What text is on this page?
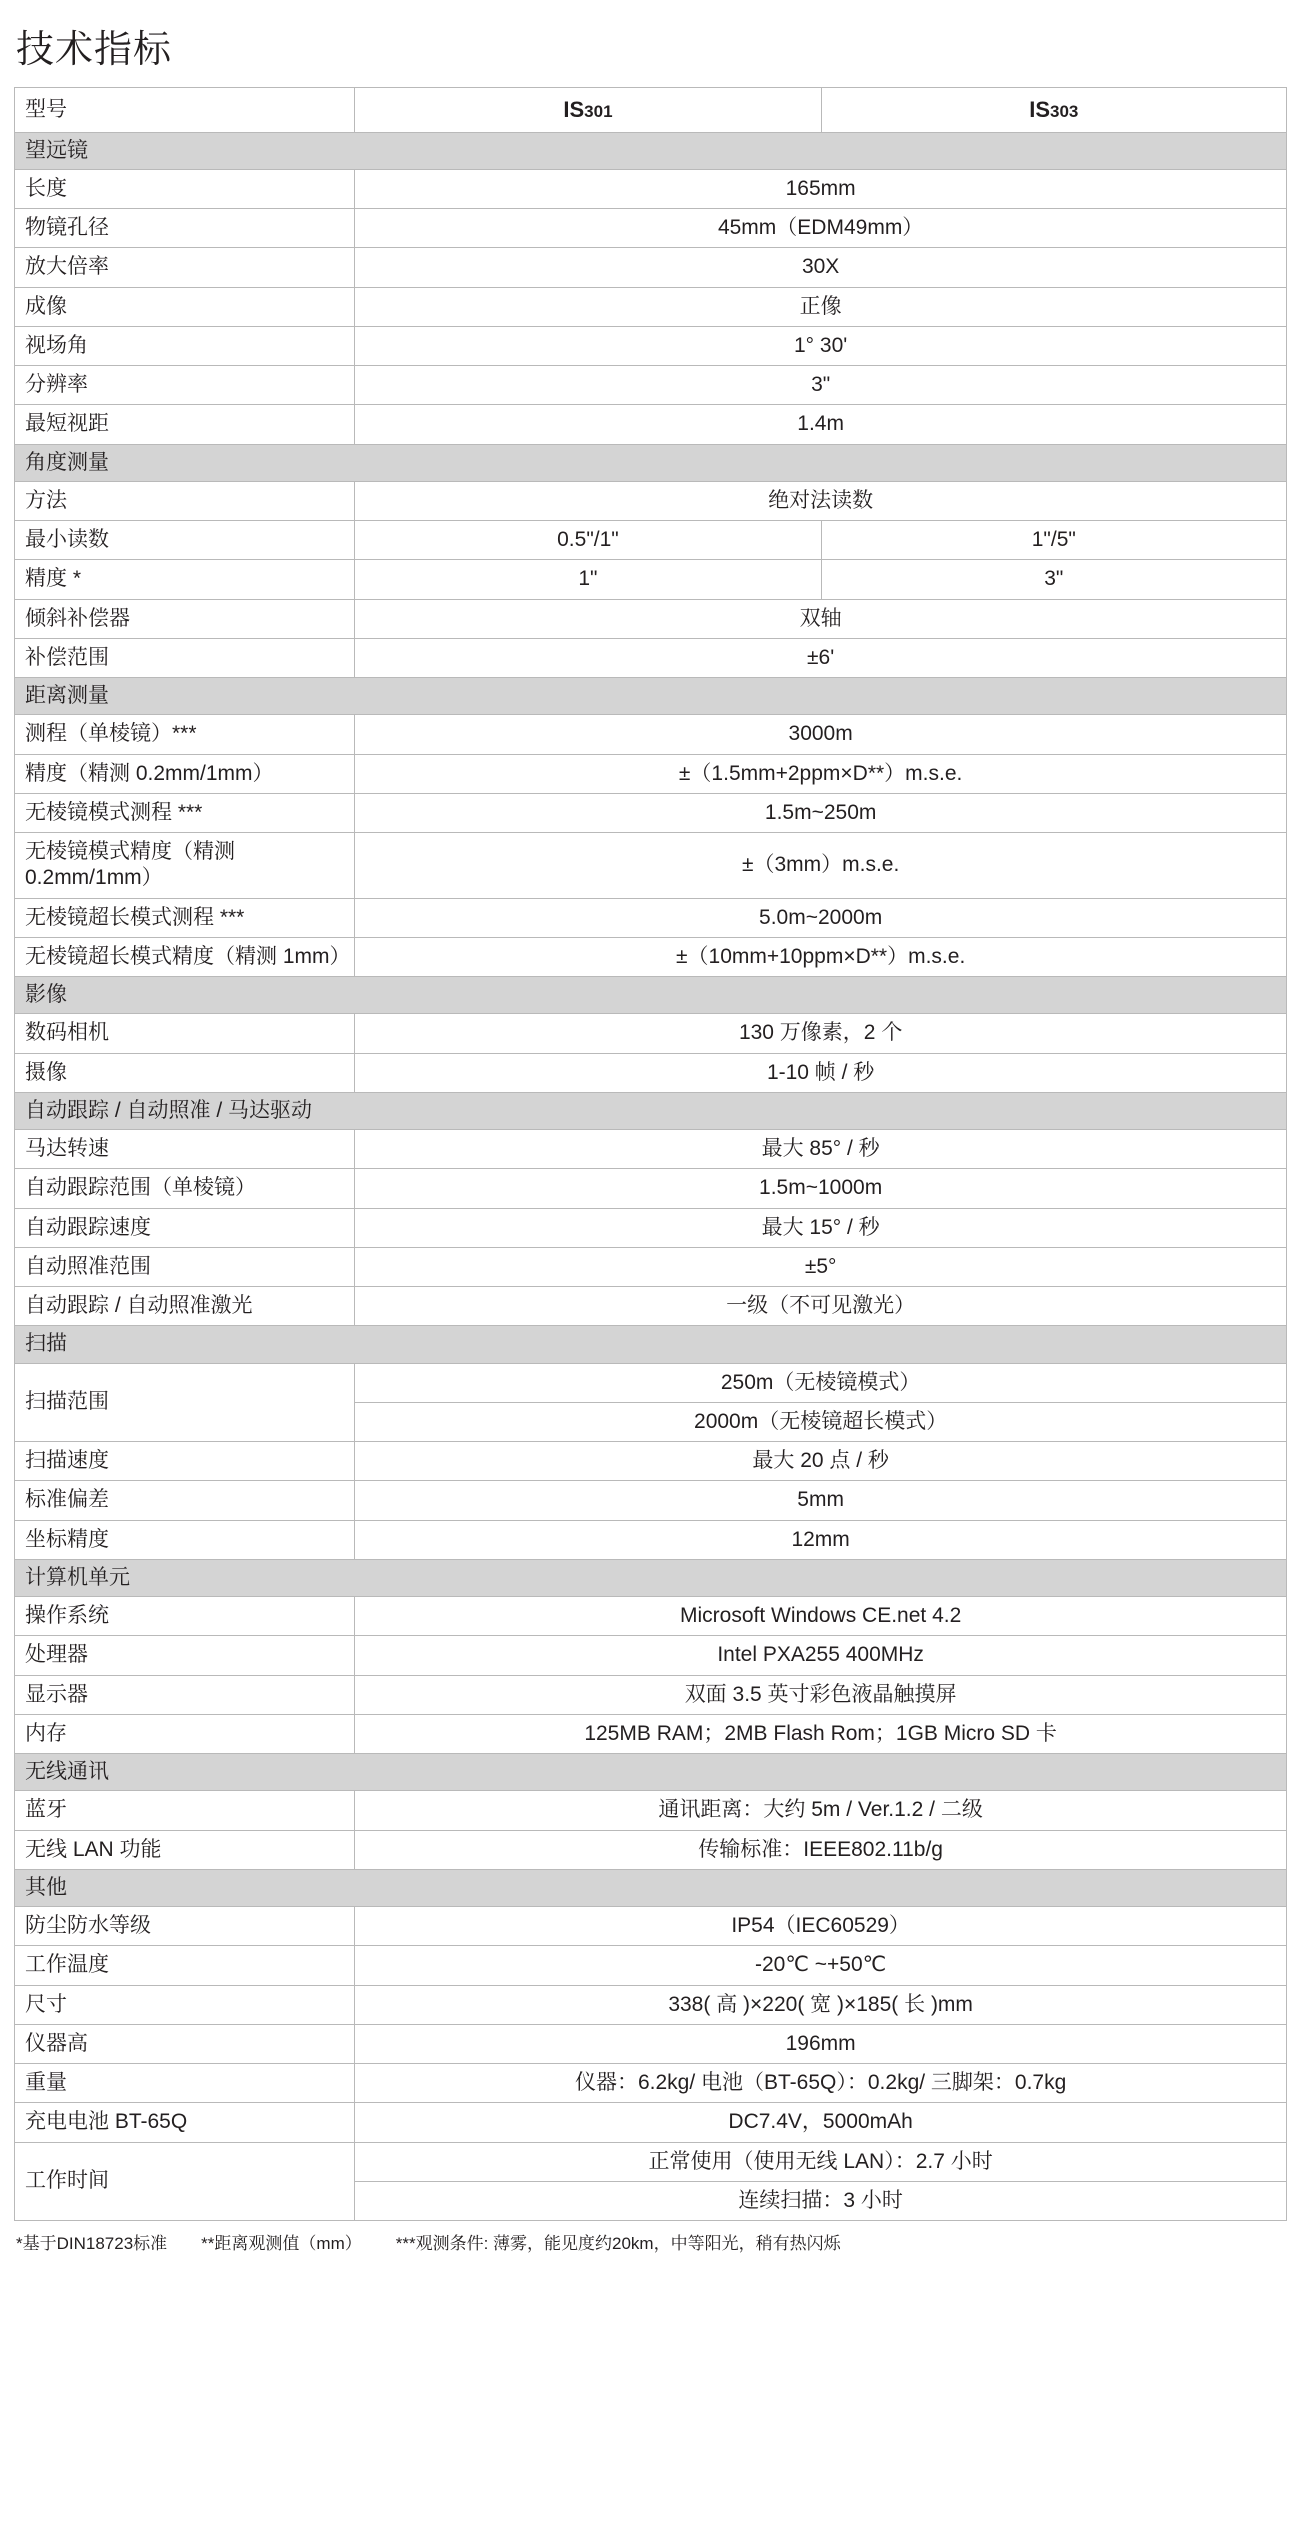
技术指标
型号	IS301	IS303
望远镜		
长度	165mm	
物镜孔径	45mm（EDM49mm）	
放大倍率	30X	
成像	正像	
视场角	1° 30'	
分辨率	3"	
最短视距	1.4m	
角度测量		
方法	绝对法读数	
最小读数	0.5"/1"	1"/5"
精度 *	1"	3"
倾斜补偿器	双轴	
补偿范围	±6'	
距离测量		
测程（单棱镜）***	3000m	
精度（精测 0.2mm/1mm）	±（1.5mm+2ppm×D**）m.s.e.	
无棱镜模式测程 ***	1.5m~250m	
无棱镜模式精度（精测 0.2mm/1mm）	±（3mm）m.s.e.	
无棱镜超长模式测程 ***	5.0m~2000m	
无棱镜超长模式精度（精测 1mm）	±（10mm+10ppm×D**）m.s.e.	
影像		
数码相机	130 万像素，2 个	
摄像	1-10 帧 / 秒	
自动跟踪 / 自动照准 / 马达驱动		
马达转速	最大 85° / 秒	
自动跟踪范围（单棱镜）	1.5m~1000m	
自动跟踪速度	最大 15° / 秒	
自动照准范围	±5°	
自动跟踪 / 自动照准激光	一级（不可见激光）	
扫描		
扫描范围	250m（无棱镜模式）	
	2000m（无棱镜超长模式）	
扫描速度	最大 20 点 / 秒	
标准偏差	5mm	
坐标精度	12mm	
计算机单元		
操作系统	Microsoft Windows CE.net 4.2	
处理器	Intel PXA255 400MHz	
显示器	双面 3.5 英寸彩色液晶触摸屏	
内存	125MB RAM；2MB Flash Rom；1GB Micro SD 卡	
无线通讯		
蓝牙	通讯距离：大约 5m / Ver.1.2 / 二级	
无线 LAN 功能	传输标准：IEEE802.11b/g	
其他		
防尘防水等级	IP54（IEC60529）	
工作温度	-20℃ ~+50℃	
尺寸	338( 高 )×220( 宽 )×185( 长 )mm	
仪器高	196mm	
重量	仪器：6.2kg/ 电池（BT-65Q）：0.2kg/ 三脚架：0.7kg	
充电电池 BT-65Q	DC7.4V，5000mAh	
工作时间	正常使用（使用无线 LAN）：2.7 小时	
	连续扫描：3 小时	
*基于DIN18723标准 **距离观测值（mm） ***观测条件: 薄雾，能见度约20km，中等阳光，稍有热闪烁
